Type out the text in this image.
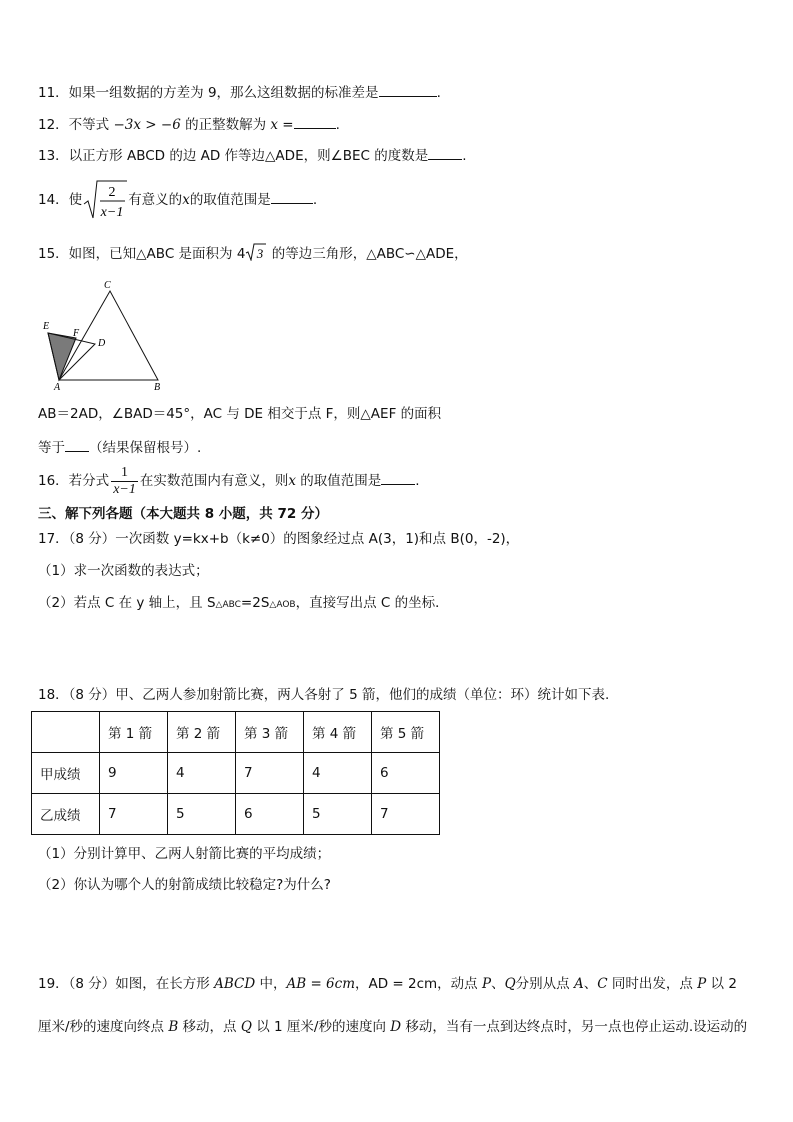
11．如果一组数据的方差为 9，那么这组数据的标准差是	.
12．不等式 −3x > −6 的正整数解为 x =	.
13．以正方形 ABCD 的边 AD 作等边△ADE，则∠BEC 的度数是	.
14．使 2
x−1
有意义的x的取值范围是	.
15．如图，已知△ABC 是面积为 4 3 的等边三角形，△ABC∽△ADE，
C
E
F
D
A	B
AB＝2AD，∠BAD＝45°，AC 与 DE 相交于点 F，则△AEF 的面积
等于 （结果保留根号）.
16．若分式 $\frac{1}{x-1}$ 在实数范围内有意义，则x 的取值范围是	.
三、解下列各题（本大题共 8 小题，共 72 分）
17．（8 分）一次函数 y=kx+b（k≠0）的图象经过点 A(3，1)和点 B(0，-2)，
（1）求一次函数的表达式；
（2）若点 C 在 y 轴上，且 S△ABC=2S△AOB，直接写出点 C 的坐标．
18．（8 分）甲、乙两人参加射箭比赛，两人各射了 5 箭，他们的成绩（单位：环）统计如下表.
	第 1 箭	第 2 箭	第 3 箭	第 4 箭	第 5 箭
甲成绩	9	4	7	4	6
乙成绩	7	5	6	5	7
（1）分别计算甲、乙两人射箭比赛的平均成绩；
（2）你认为哪个人的射箭成绩比较稳定?为什么?
19．（8 分）如图，在长方形 ABCD 中，AB = 6cm，AD = 2cm，动点 P、Q分别从点 A、C 同时出发，点 P 以 2
厘米/秒的速度向终点 B 移动，点 Q 以 1 厘米/秒的速度向 D 移动，当有一点到达终点时，另一点也停止运动.设运动的
